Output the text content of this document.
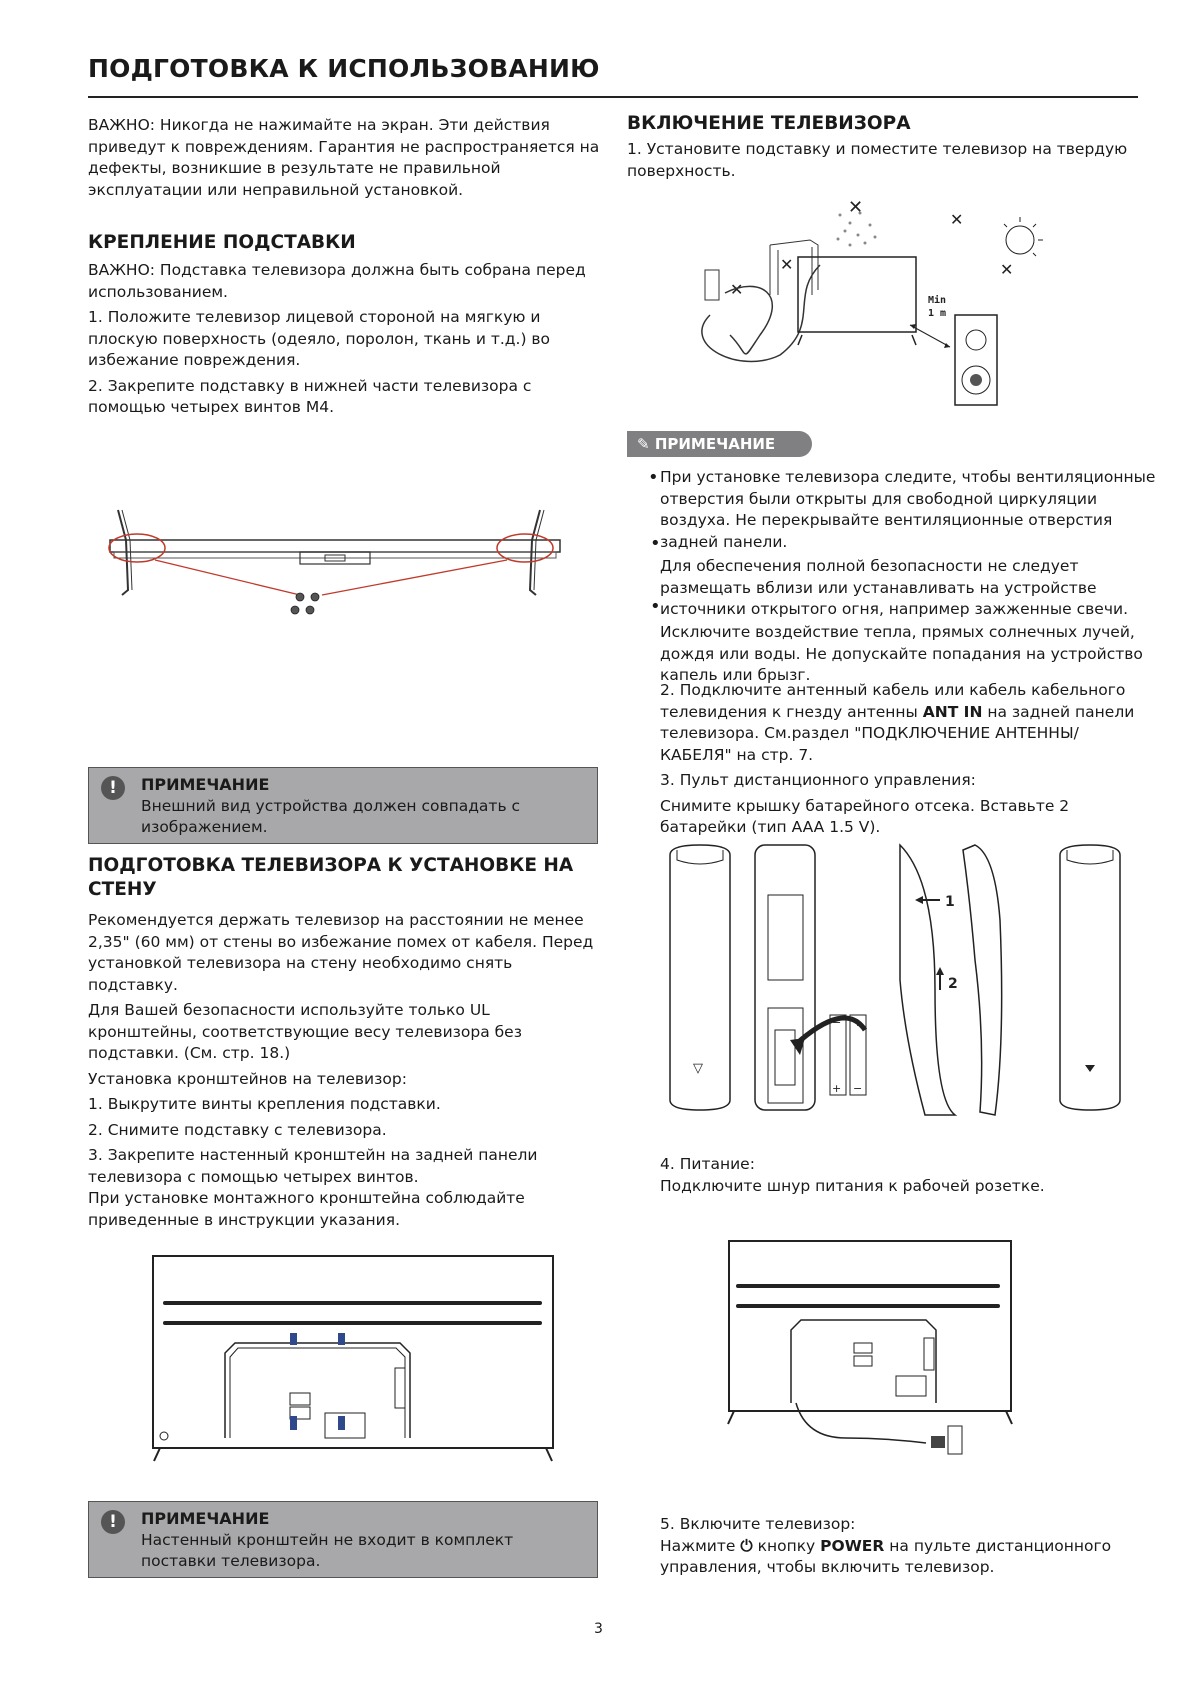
ПОДГОТОВКА К ИСПОЛЬЗОВАНИЮ
ВАЖНО: Никогда не нажимайте на экран. Эти действия
приведут к повреждениям. Гарантия не распространяется на
дефекты, возникшие в результате не правильной
эксплуатации или неправильной установкой.
КРЕПЛЕНИЕ ПОДСТАВКИ
ВАЖНО: Подставка телевизора должна быть собрана перед
использованием.
1. Положите телевизор лицевой стороной на мягкую и
плоскую поверхность (одеяло, поролон, ткань и т.д.) во
избежание повреждения.
2. Закрепите подставку в нижней части телевизора с
помощью четырех винтов M4.
!	ПРИМЕЧАНИЕ
Внешний вид устройства должен совпадать с
изображением.
ПОДГОТОВКА ТЕЛЕВИЗОРА К УСТАНОВКЕ НА
СТЕНУ
Рекомендуется держать телевизор на расстоянии не менее
2,35" (60 мм) от стены во избежание помех от кабеля. Перед
установкой телевизора на стену необходимо снять
подставку.
Для Вашей безопасности используйте только UL
кронштейны, соответствующие весу телевизора без
подставки. (См. стр. 18.)
Установка кронштейнов на телевизор:
1. Выкрутите винты крепления подставки.
2. Снимите подставку с телевизора.
3. Закрепите настенный кронштейн на задней панели
телевизора с помощью четырех винтов.
При установке монтажного кронштейна соблюдайте
приведенные в инструкции указания.
!	ПРИМЕЧАНИЕ
Настенный кронштейн не входит в комплект
поставки телевизора.
ВКЛЮЧЕНИЕ ТЕЛЕВИЗОРА
1. Установите подставку и поместите телевизор на твердую
поверхность.
✕
✕
✕
✕
✕
Min
1 m
✎ ПРИМЕЧАНИЕ
• При установке телевизора следите, чтобы вентиляционные
отверстия были открыты для свободной циркуляции
воздуха. Не перекрывайте вентиляционные отверстия
задней панели.
•
Для обеспечения полной безопасности не следует
размещать вблизи или устанавливать на устройстве
источники открытого огня, например зажженные свечи.
•
Исключите воздействие тепла, прямых солнечных лучей,
дождя или воды. Не допускайте попадания на устройство
капель или брызг.
2. Подключите антенный кабель или кабель кабельного
телевидения к гнезду антенны ANT IN на задней панели
телевизора. См.раздел "ПОДКЛЮЧЕНИЕ АНТЕННЫ/
КАБЕЛЯ" на стр. 7.
3. Пульт дистанционного управления:
Снимите крышку батарейного отсека. Вставьте 2
батарейки (тип AAA 1.5 V).
▽
− +
+ −
1
2
4. Питание:
Подключите шнур питания к рабочей розетке.
5. Включите телевизор:
Нажмите ⏻ кнопку POWER на пульте дистанционного
управления, чтобы включить телевизор.
3
